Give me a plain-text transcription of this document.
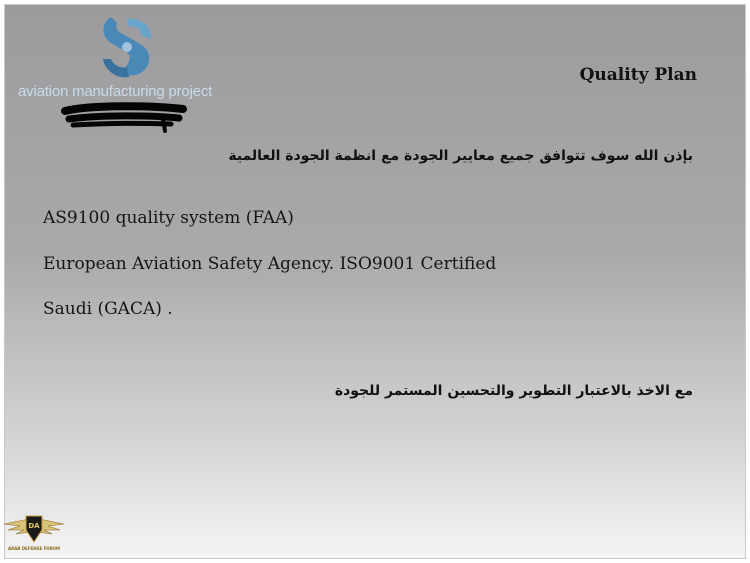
aviation manufacturing project
Quality Plan
بإذن الله سوف تتوافق جميع معايير الجودة مع انظمة الجودة العالمية
AS9100 quality system (FAA)
European Aviation Safety Agency. ISO9001 Certified
Saudi (GACA) .
مع الاخذ بالاعتبار التطوير والتحسين المستمر للجودة
DA
ARAB DEFENSE FORUM
